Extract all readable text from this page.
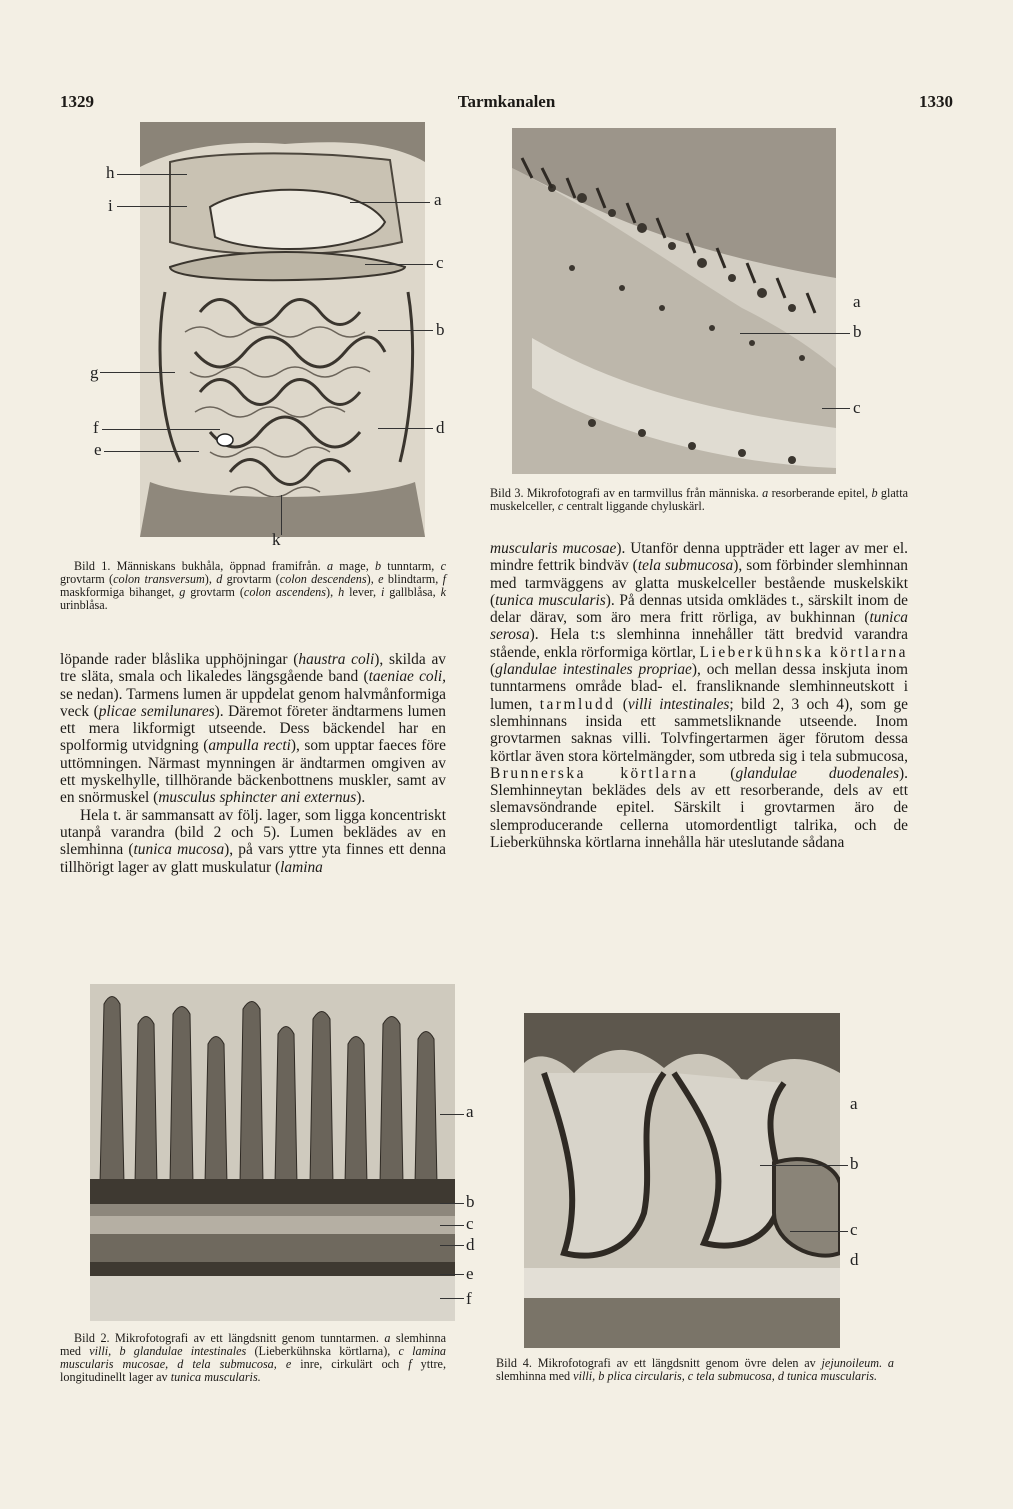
1329	Tarmkanalen	1330
h
i	a
c
b
g
f
e
d
k
Bild 1. Människans bukhåla, öppnad framifrån. a mage, b tunntarm, c grovtarm (colon transversum), d grovtarm (colon descendens), e blindtarm, f maskformiga bihanget, g grovtarm (colon ascendens), h lever, i gallblåsa, k urinblåsa.
a
b
c
Bild 3. Mikrofotografi av en tarmvillus från människa. a resorberande epitel, b glatta muskelceller, c centralt liggande chyluskärl.
löpande rader blåslika upphöjningar (haustra coli), skilda av tre släta, smala och likaledes längsgående band (taeniae coli, se nedan). Tarmens lumen är uppdelat genom halvmånformiga veck (plicae semilunares). Däremot företer ändtarmens lumen ett mera likformigt utseende. Dess bäckendel har en spolformig utvidgning (ampulla recti), som upptar faeces före uttömningen. Närmast mynningen är ändtarmen omgiven av ett myskelhylle, tillhörande bäckenbottnens muskler, samt av en snörmuskel (musculus sphincter ani externus).
Hela t. är sammansatt av följ. lager, som ligga koncentriskt utanpå varandra (bild 2 och 5). Lumen beklädes av en slemhinna (tunica mucosa), på vars yttre yta finnes ett denna tillhörigt lager av glatt muskulatur (lamina
muscularis mucosae). Utanför denna uppträder ett lager av mer el. mindre fettrik bindväv (tela submucosa), som förbinder slemhinnan med tarmväggens av glatta muskelceller bestående muskelskikt (tunica muscularis). På dennas utsida omklädes t., särskilt inom de delar därav, som äro mera fritt rörliga, av bukhinnan (tunica serosa). Hela t:s slemhinna innehåller tätt bredvid varandra stående, enkla rörformiga körtlar, Lieberkühnska körtlarna (glandulae intestinales propriae), och mellan dessa inskjuta inom tunntarmens område blad- el. fransliknande slemhinneutskott i lumen, tarmludd (villi intestinales; bild 2, 3 och 4), som ge slemhinnans insida ett sammetsliknande utseende. Inom grovtarmen saknas villi. Tolvfingertarmen äger förutom dessa körtlar även stora körtelmängder, som utbreda sig i tela submucosa, Brunnerska körtlarna (glandulae duodenales). Slemhinneytan beklädes dels av ett resorberande, dels av ett slemavsöndrande epitel. Särskilt i grovtarmen äro de slemproducerande cellerna utomordentligt talrika, och de Lieberkühnska körtlarna innehålla här uteslutande sådana
a
b
c
d
e
f
Bild 2. Mikrofotografi av ett längdsnitt genom tunntarmen. a slemhinna med villi, b glandulae intestinales (Lieberkühnska körtlarna), c lamina muscularis mucosae, d tela submucosa, e inre, cirkulärt och f yttre, longitudinellt lager av tunica muscularis.
a
b
c
d
Bild 4. Mikrofotografi av ett längdsnitt genom övre delen av jejunoileum. a slemhinna med villi, b plica circularis, c tela submucosa, d tunica muscularis.
